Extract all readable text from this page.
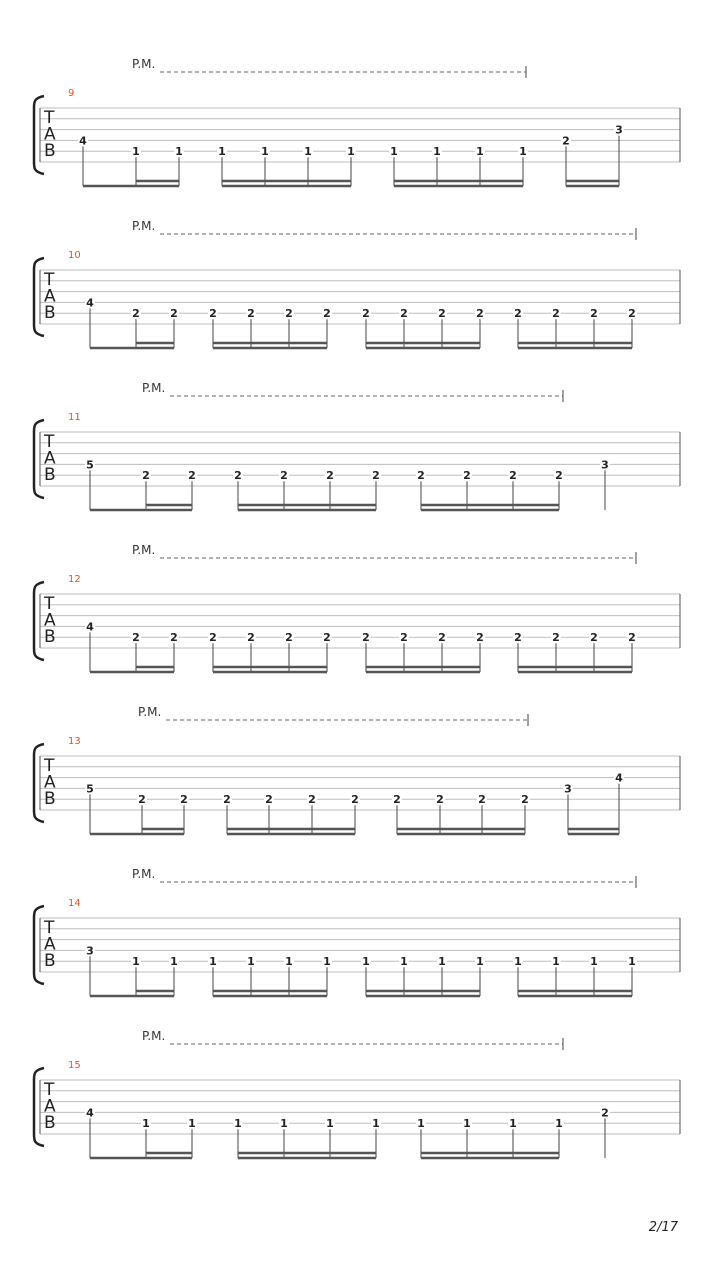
P.M.
9
T
A
B
4
1	1	1	1	1	1	1	1	1	1
2
3
P.M.
10
T
A
B
4
2	2	2	2	2	2	2	2	2	2	2	2	2	2
P.M.
11
T
A
B
5
2	2	2	2	2	2	2	2	2	2
3
P.M.
12
T
A
B
4
2	2	2	2	2	2	2	2	2	2	2	2	2	2
P.M.
13
T
A
B
5
2	2	2	2	2	2	2	2	2	2
3
4
P.M.
14
T
A
B
3
1	1	1	1	1	1	1	1	1	1	1	1	1	1
P.M.
15
T
A
B
4
1	1	1	1	1	1	1	1	1	1
2
2/17
